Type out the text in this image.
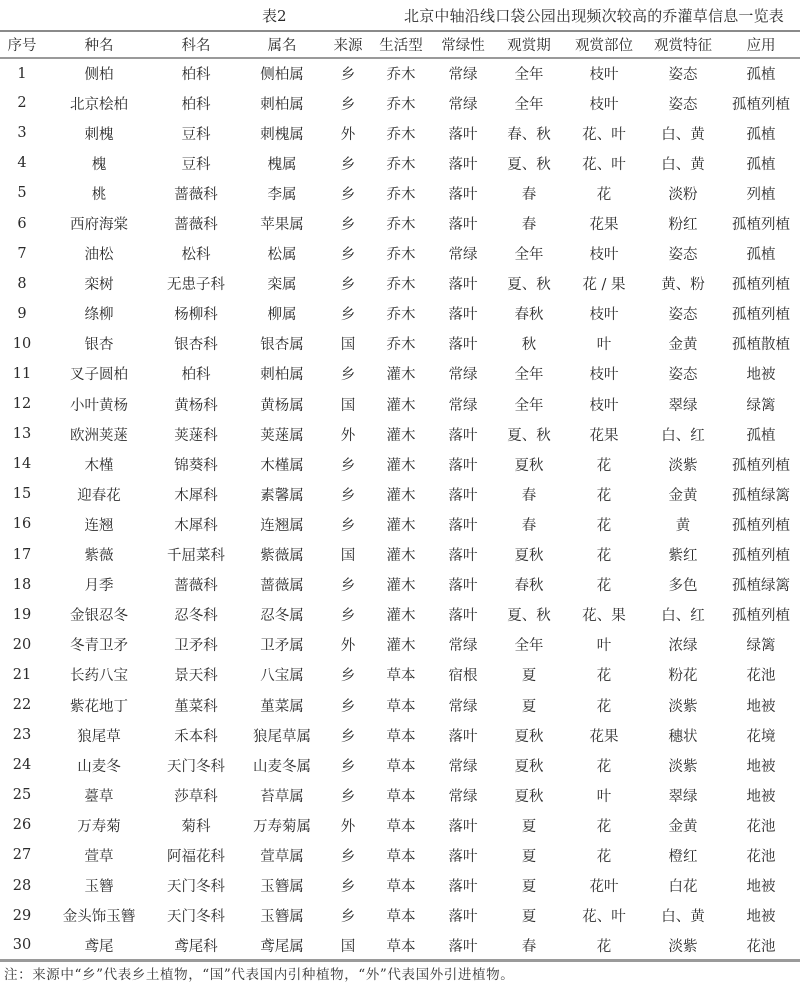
表2	北京中轴沿线口袋公园出现频次较高的乔灌草信息一览表
序号	种名	科名	属名	来源	生活型	常绿性	观赏期	观赏部位	观赏特征	应用
1	侧柏	柏科	侧柏属	乡	乔木	常绿	全年	枝叶	姿态	孤植
2	北京桧柏	柏科	刺柏属	乡	乔木	常绿	全年	枝叶	姿态	孤植列植
3	刺槐	豆科	刺槐属	外	乔木	落叶	春、秋	花、叶	白、黄	孤植
4	槐	豆科	槐属	乡	乔木	落叶	夏、秋	花、叶	白、黄	孤植
5	桃	蔷薇科	李属	乡	乔木	落叶	春	花	淡粉	列植
6	西府海棠	蔷薇科	苹果属	乡	乔木	落叶	春	花果	粉红	孤植列植
7	油松	松科	松属	乡	乔木	常绿	全年	枝叶	姿态	孤植
8	栾树	无患子科	栾属	乡	乔木	落叶	夏、秋	花 / 果	黄、粉	孤植列植
9	绦柳	杨柳科	柳属	乡	乔木	落叶	春秋	枝叶	姿态	孤植列植
10	银杏	银杏科	银杏属	国	乔木	落叶	秋	叶	金黄	孤植散植
11	叉子圆柏	柏科	刺柏属	乡	灌木	常绿	全年	枝叶	姿态	地被
12	小叶黄杨	黄杨科	黄杨属	国	灌木	常绿	全年	枝叶	翠绿	绿篱
13	欧洲荚蒾	荚蒾科	荚蒾属	外	灌木	落叶	夏、秋	花果	白、红	孤植
14	木槿	锦葵科	木槿属	乡	灌木	落叶	夏秋	花	淡紫	孤植列植
15	迎春花	木犀科	素馨属	乡	灌木	落叶	春	花	金黄	孤植绿篱
16	连翘	木犀科	连翘属	乡	灌木	落叶	春	花	黄	孤植列植
17	紫薇	千屈菜科	紫薇属	国	灌木	落叶	夏秋	花	紫红	孤植列植
18	月季	蔷薇科	蔷薇属	乡	灌木	落叶	春秋	花	多色	孤植绿篱
19	金银忍冬	忍冬科	忍冬属	乡	灌木	落叶	夏、秋	花、果	白、红	孤植列植
20	冬青卫矛	卫矛科	卫矛属	外	灌木	常绿	全年	叶	浓绿	绿篱
21	长药八宝	景天科	八宝属	乡	草本	宿根	夏	花	粉花	花池
22	紫花地丁	堇菜科	堇菜属	乡	草本	常绿	夏	花	淡紫	地被
23	狼尾草	禾本科	狼尾草属	乡	草本	落叶	夏秋	花果	穗状	花境
24	山麦冬	天门冬科	山麦冬属	乡	草本	常绿	夏秋	花	淡紫	地被
25	薹草	莎草科	苔草属	乡	草本	常绿	夏秋	叶	翠绿	地被
26	万寿菊	菊科	万寿菊属	外	草本	落叶	夏	花	金黄	花池
27	萱草	阿福花科	萱草属	乡	草本	落叶	夏	花	橙红	花池
28	玉簪	天门冬科	玉簪属	乡	草本	落叶	夏	花叶	白花	地被
29	金头饰玉簪	天门冬科	玉簪属	乡	草本	落叶	夏	花、叶	白、黄	地被
30	鸢尾	鸢尾科	鸢尾属	国	草本	落叶	春	花	淡紫	花池
注：来源中“乡”代表乡土植物，“国”代表国内引种植物，“外”代表国外引进植物。
